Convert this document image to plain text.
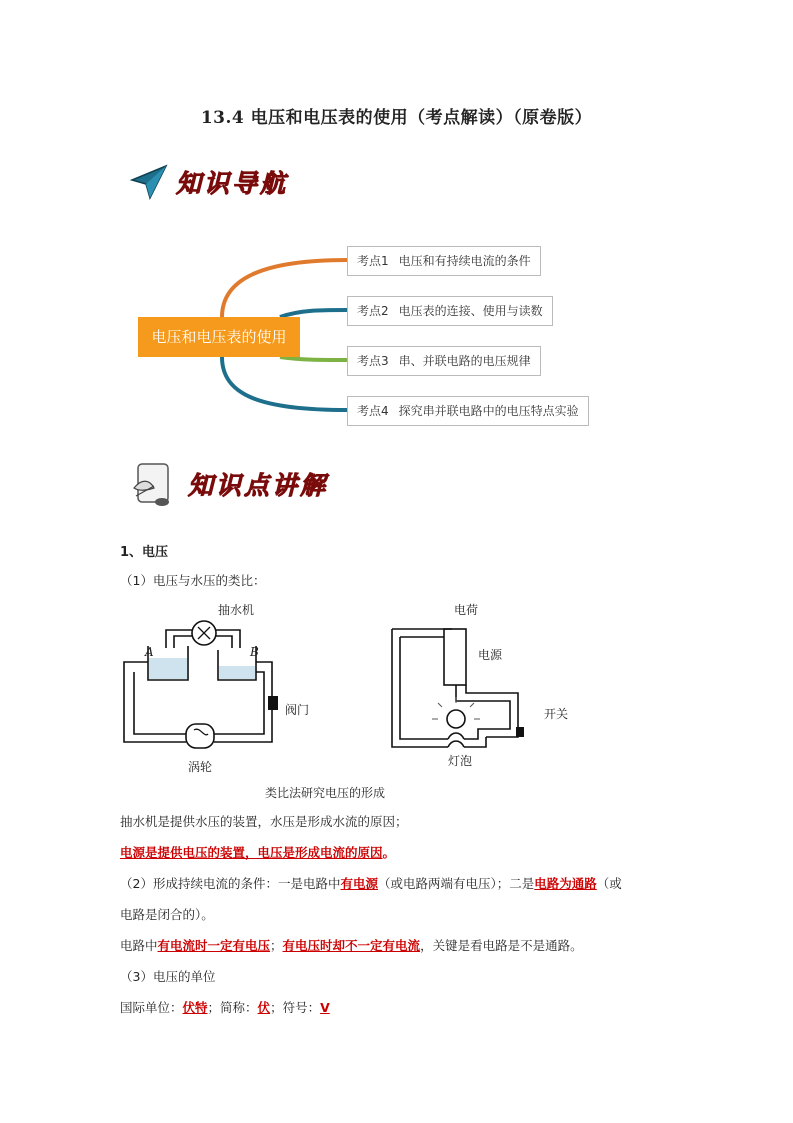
13.4 电压和电压表的使用（考点解读）（原卷版）
知识导航
电压和电压表的使用
考点1 电压和有持续电流的条件
考点2 电压表的连接、使用与读数
考点3 串、并联电路的电压规律
考点4 探究串并联电路中的电压特点实验
知识点讲解
1、电压
（1）电压与水压的类比：
抽水机
A	B
阀门
涡轮
电荷
电源
开关
灯泡
类比法研究电压的形成
抽水机是提供水压的装置，水压是形成水流的原因；
电源是提供电压的装置，电压是形成电流的原因。
（2）形成持续电流的条件：一是电路中有电源（或电路两端有电压）；二是电路为通路（或
电路是闭合的）。
电路中有电流时一定有电压；有电压时却不一定有电流，关键是看电路是不是通路。
（3）电压的单位
国际单位：伏特；简称：伏；符号：V
